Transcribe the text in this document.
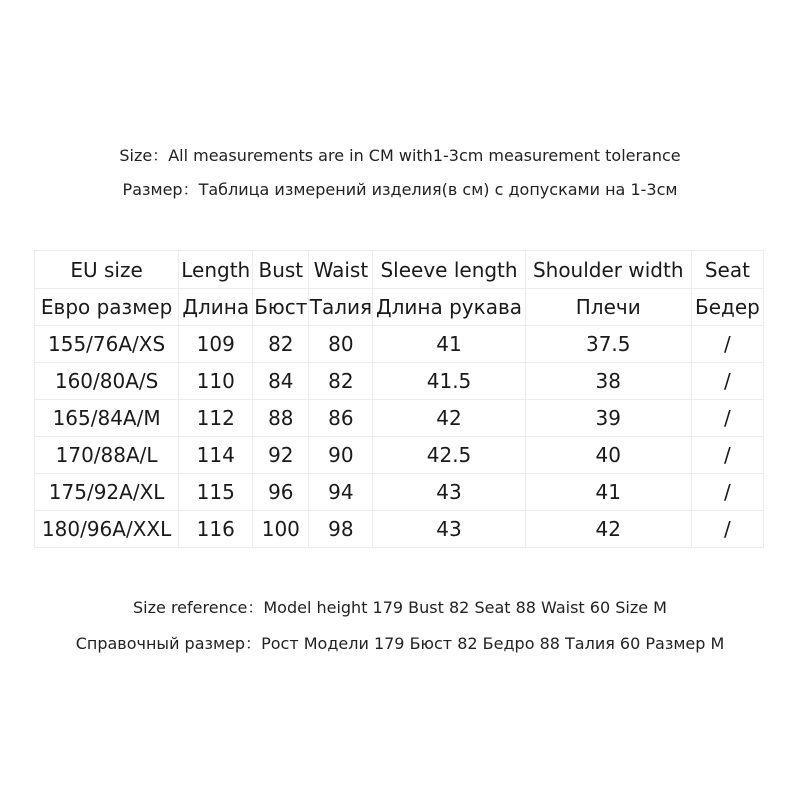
Size：All measurements are in CM with1-3cm measurement tolerance
Размер：Таблица измерений изделия(в см) с допусками на 1-3см
EU size	Length	Bust	Waist	Sleeve length	Shoulder width	Seat
Евро размер	Длина	Бюст	Талия	Длина рукава	Плечи	Бедер
155/76A/XS	109	82	80	41	37.5	/
160/80A/S	110	84	82	41.5	38	/
165/84A/M	112	88	86	42	39	/
170/88A/L	114	92	90	42.5	40	/
175/92A/XL	115	96	94	43	41	/
180/96A/XXL	116	100	98	43	42	/
Size reference：Model height 179 Bust 82 Seat 88 Waist 60 Size M
Справочный размер：Рост Модели 179 Бюст 82 Бедро 88 Талия 60 Размер M
